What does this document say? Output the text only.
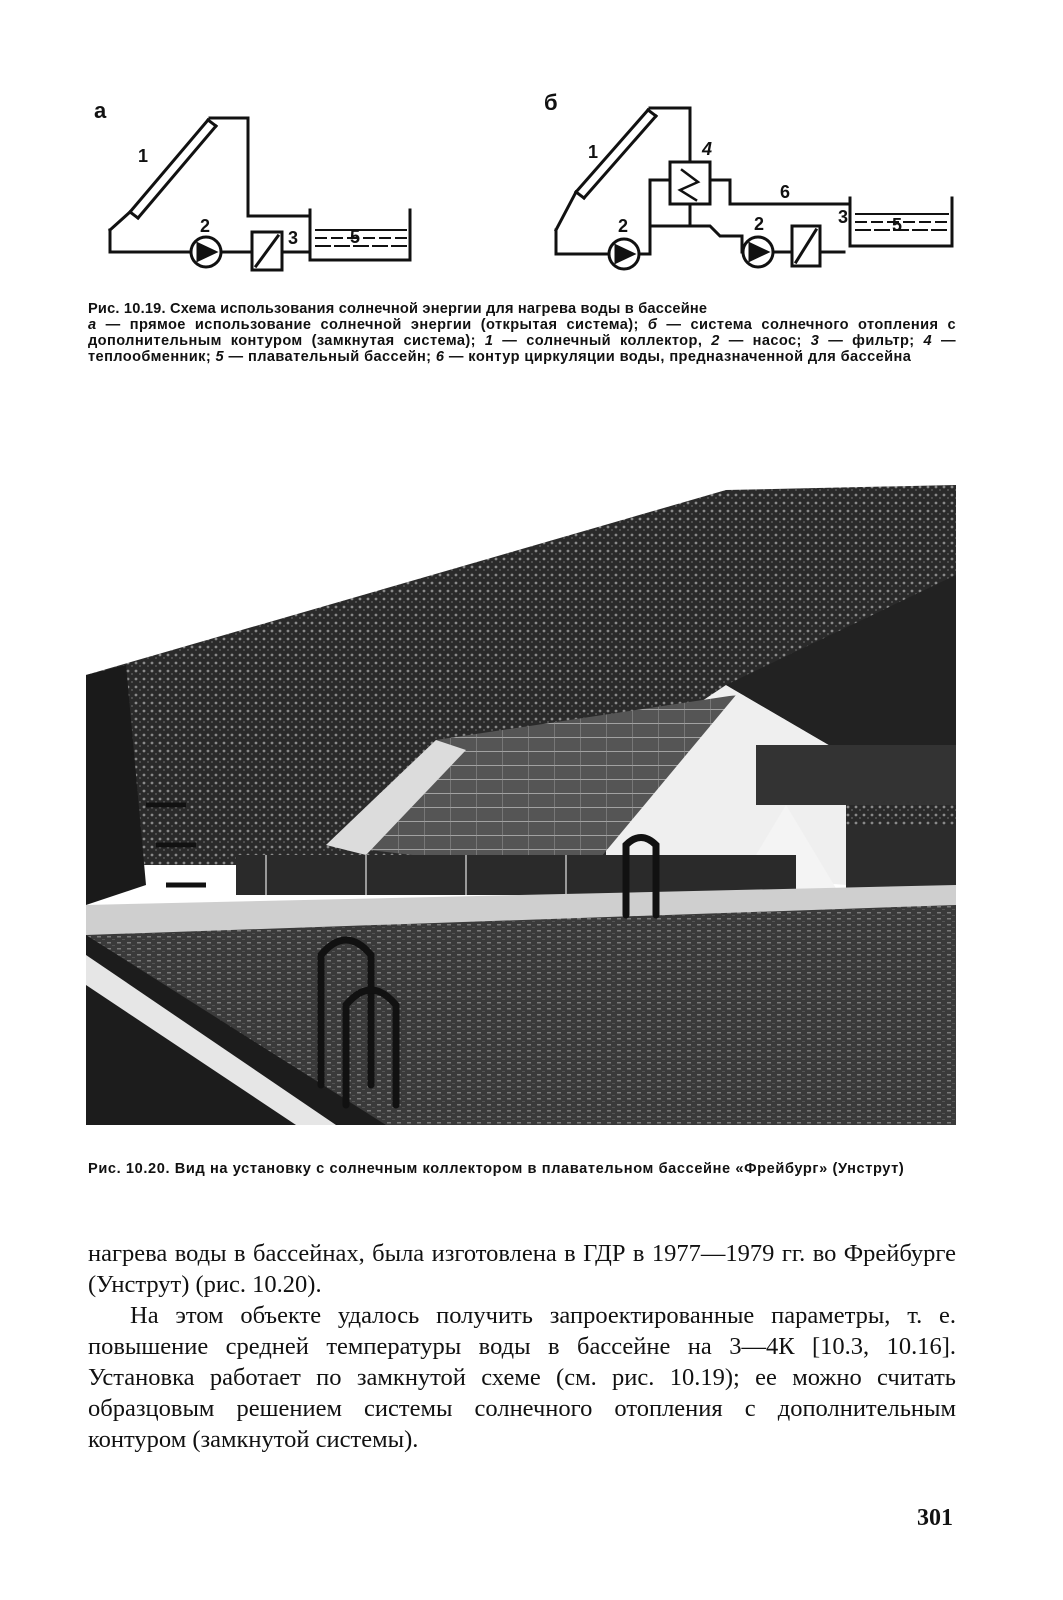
а	б
1
2
3	5
1	4
6
2	2	3 5
Рис. 10.19. Схема использования солнечной энергии для нагрева воды в бассейне
а — прямое использование солнечной энергии (открытая система); б — система солнечного отопления с дополнительным контуром (замкнутая система); 1 — солнечный коллектор, 2 — насос; 3 — фильтр; 4 — теплообменник; 5 — плавательный бассейн; 6 — контур циркуляции воды, предназначенной для бассейна
Рис. 10.20. Вид на установку с солнечным коллектором в плавательном бассейне «Фрейбург» (Унструт)

нагрева воды в бассейнах, была изготовлена в ГДР в 1977—1979 гг. во Фрейбурге (Унструт) (рис. 10.20).

На этом объекте удалось получить запроектированные параметры, т. е. повышение средней температуры воды в бассейне на 3—4К [10.3, 10.16]. Установка работает по замкнутой схеме (см. рис. 10.19); ее можно считать образцовым решением системы солнечного отопления с дополнительным контуром (замкнутой системы).

301
